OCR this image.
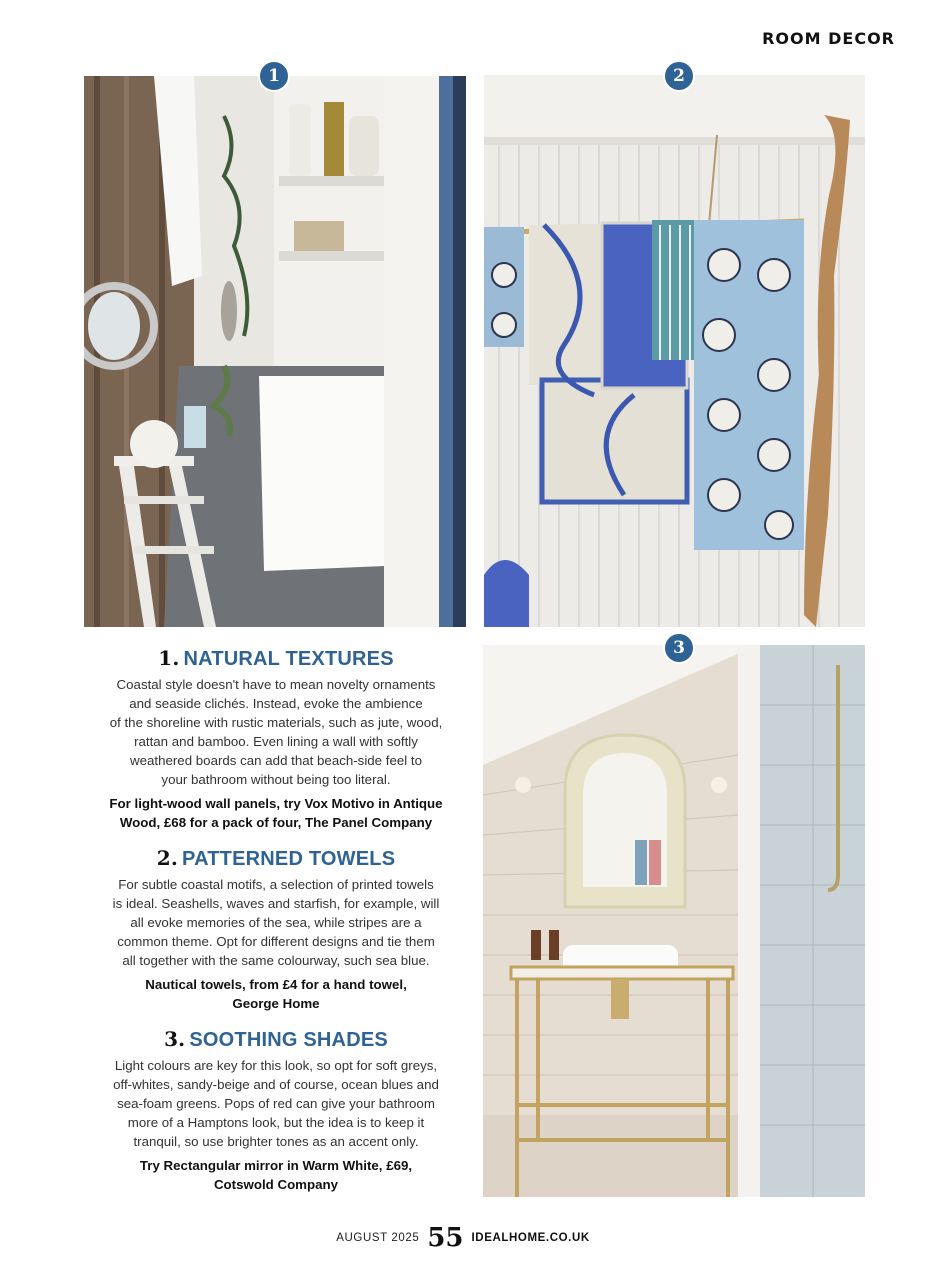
ROOM DECOR
1	2
3
1. NATURAL TEXTURES

Coastal style doesn't have to mean novelty ornaments
and seaside clichés. Instead, evoke the ambience
of the shoreline with rustic materials, such as jute, wood,
rattan and bamboo. Even lining a wall with softly
weathered boards can add that beach-side feel to
your bathroom without being too literal.

For light-wood wall panels, try Vox Motivo in Antique
Wood, £68 for a pack of four, The Panel Company

2. PATTERNED TOWELS

For subtle coastal motifs, a selection of printed towels
is ideal. Seashells, waves and starfish, for example, will
all evoke memories of the sea, while stripes are a
common theme. Opt for different designs and tie them
all together with the same colourway, such sea blue.

Nautical towels, from £4 for a hand towel,
George Home

3. SOOTHING SHADES

Light colours are key for this look, so opt for soft greys,
off-whites, sandy-beige and of course, ocean blues and
sea-foam greens. Pops of red can give your bathroom
more of a Hamptons look, but the idea is to keep it
tranquil, so use brighter tones as an accent only.

Try Rectangular mirror in Warm White, £69,
Cotswold Company

AUGUST 2025 55 IDEALHOME.CO.UK
